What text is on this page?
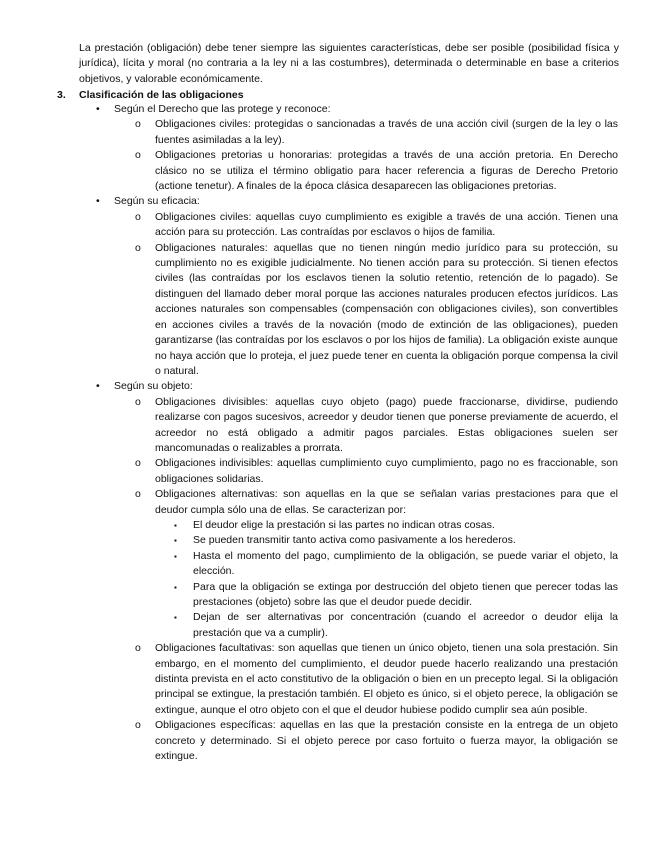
La prestación (obligación) debe tener siempre las siguientes características, debe ser posible (posibilidad física y jurídica), lícita y moral (no contraria a la ley ni a las costumbres), determinada o determinable en base a criterios objetivos, y valorable económicamente.

3. Clasificación de las obligaciones

• Según el Derecho que las protege y reconoce:
o Obligaciones civiles: protegidas o sancionadas a través de una acción civil (surgen de la ley o las fuentes asimiladas a la ley).
o Obligaciones pretorias u honorarias: protegidas a través de una acción pretoria. En Derecho clásico no se utiliza el término obligatio para hacer referencia a figuras de Derecho Pretorio (actione tenetur). A finales de la época clásica desaparecen las obligaciones pretorias.
• Según su eficacia:
o Obligaciones civiles: aquellas cuyo cumplimiento es exigible a través de una acción. Tienen una acción para su protección. Las contraídas por esclavos o hijos de familia.
o Obligaciones naturales: aquellas que no tienen ningún medio jurídico para su protección, su cumplimiento no es exigible judicialmente. No tienen acción para su protección. Si tienen efectos civiles (las contraídas por los esclavos tienen la solutio retentio, retención de lo pagado). Se distinguen del llamado deber moral porque las acciones naturales producen efectos jurídicos. Las acciones naturales son compensables (compensación con obligaciones civiles), son convertibles en acciones civiles a través de la novación (modo de extinción de las obligaciones), pueden garantizarse (las contraídas por los esclavos o por los hijos de familia). La obligación existe aunque no haya acción que lo proteja, el juez puede tener en cuenta la obligación porque compensa la civil o natural.
• Según su objeto:
o Obligaciones divisibles: aquellas cuyo objeto (pago) puede fraccionarse, dividirse, pudiendo realizarse con pagos sucesivos, acreedor y deudor tienen que ponerse previamente de acuerdo, el acreedor no está obligado a admitir pagos parciales. Estas obligaciones suelen ser mancomunadas o realizables a prorrata.
o Obligaciones indivisibles: aquellas cumplimiento cuyo cumplimiento, pago no es fraccionable, son obligaciones solidarias.
o Obligaciones alternativas: son aquellas en la que se señalan varias prestaciones para que el deudor cumpla sólo una de ellas. Se caracterizan por:
▪ El deudor elige la prestación si las partes no indican otras cosas.
▪ Se pueden transmitir tanto activa como pasivamente a los herederos.
▪ Hasta el momento del pago, cumplimiento de la obligación, se puede variar el objeto, la elección.
▪ Para que la obligación se extinga por destrucción del objeto tienen que perecer todas las prestaciones (objeto) sobre las que el deudor puede decidir.
▪ Dejan de ser alternativas por concentración (cuando el acreedor o deudor elija la prestación que va a cumplir).
o Obligaciones facultativas: son aquellas que tienen un único objeto, tienen una sola prestación. Sin embargo, en el momento del cumplimiento, el deudor puede hacerlo realizando una prestación distinta prevista en el acto constitutivo de la obligación o bien en un precepto legal. Si la obligación principal se extingue, la prestación también. El objeto es único, si el objeto perece, la obligación se extingue, aunque el otro objeto con el que el deudor hubiese podido cumplir sea aún posible.
o Obligaciones específicas: aquellas en las que la prestación consiste en la entrega de un objeto concreto y determinado. Si el objeto perece por caso fortuito o fuerza mayor, la obligación se extingue.
